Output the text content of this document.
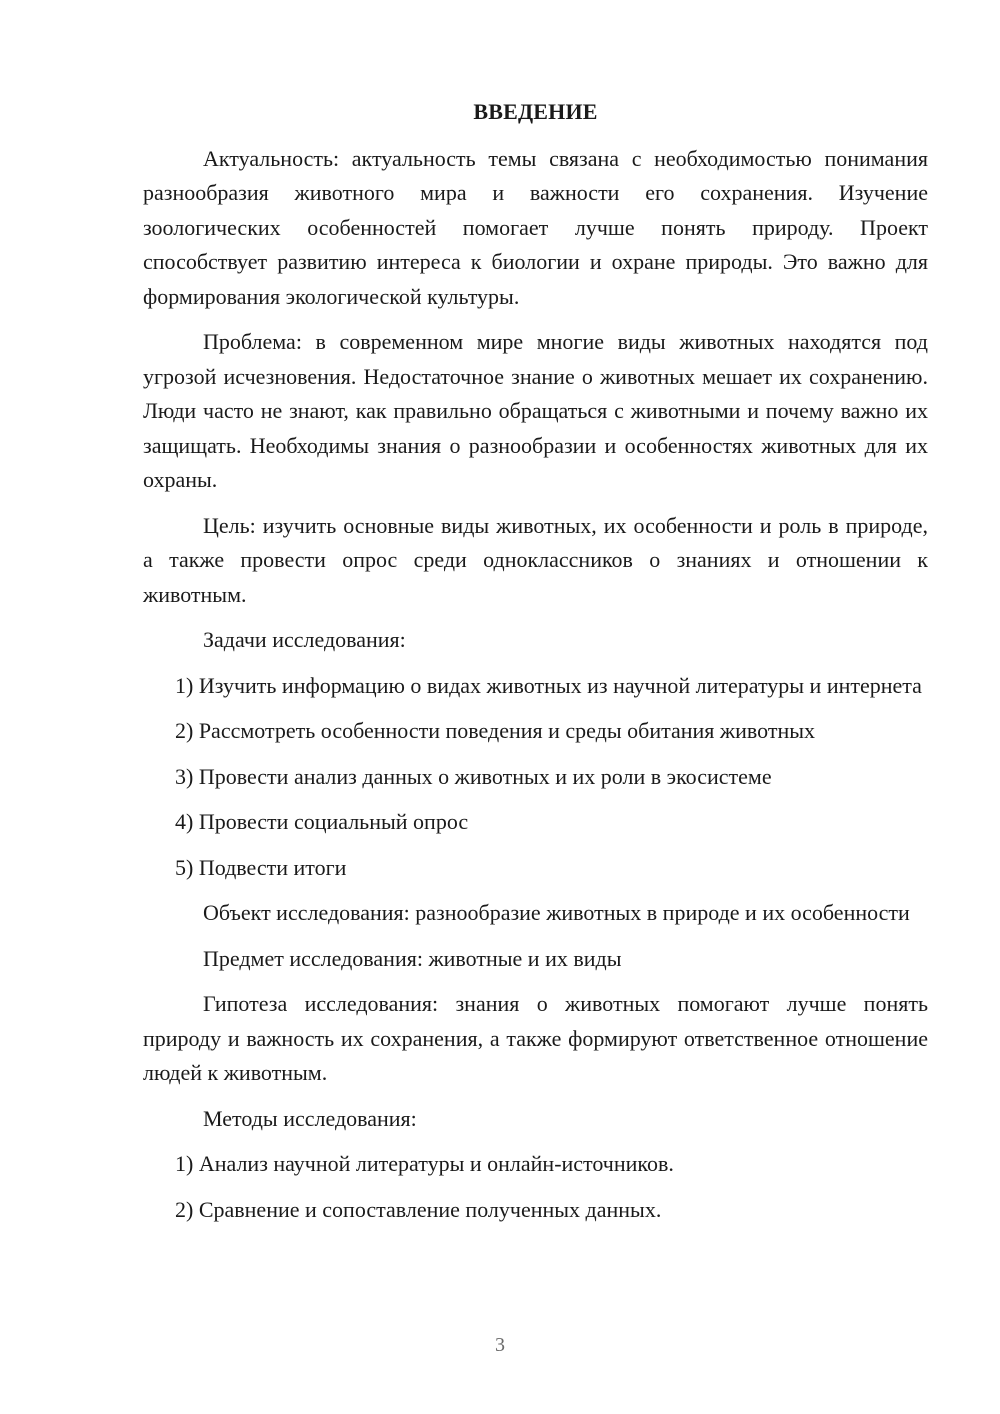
ВВЕДЕНИЕ

Актуальность: актуальность темы связана с необходимостью понимания разнообразия животного мира и важности его сохранения. Изучение зоологических особенностей помогает лучше понять природу. Проект способствует развитию интереса к биологии и охране природы. Это важно для формирования экологической культуры.

Проблема: в современном мире многие виды животных находятся под угрозой исчезновения. Недостаточное знание о животных мешает их сохранению. Люди часто не знают, как правильно обращаться с животными и почему важно их защищать. Необходимы знания о разнообразии и особенностях животных для их охраны.

Цель: изучить основные виды животных, их особенности и роль в природе, а также провести опрос среди одноклассников о знаниях и отношении к животным.

Задачи исследования:

1) Изучить информацию о видах животных из научной литературы и интернета

2) Рассмотреть особенности поведения и среды обитания животных

3) Провести анализ данных о животных и их роли в экосистеме

4) Провести социальный опрос

5) Подвести итоги

Объект исследования: разнообразие животных в природе и их особенности

Предмет исследования: животные и их виды

Гипотеза исследования: знания о животных помогают лучше понять природу и важность их сохранения, а также формируют ответственное отношение людей к животным.

Методы исследования:

1) Анализ научной литературы и онлайн-источников.

2) Сравнение и сопоставление полученных данных.

3
